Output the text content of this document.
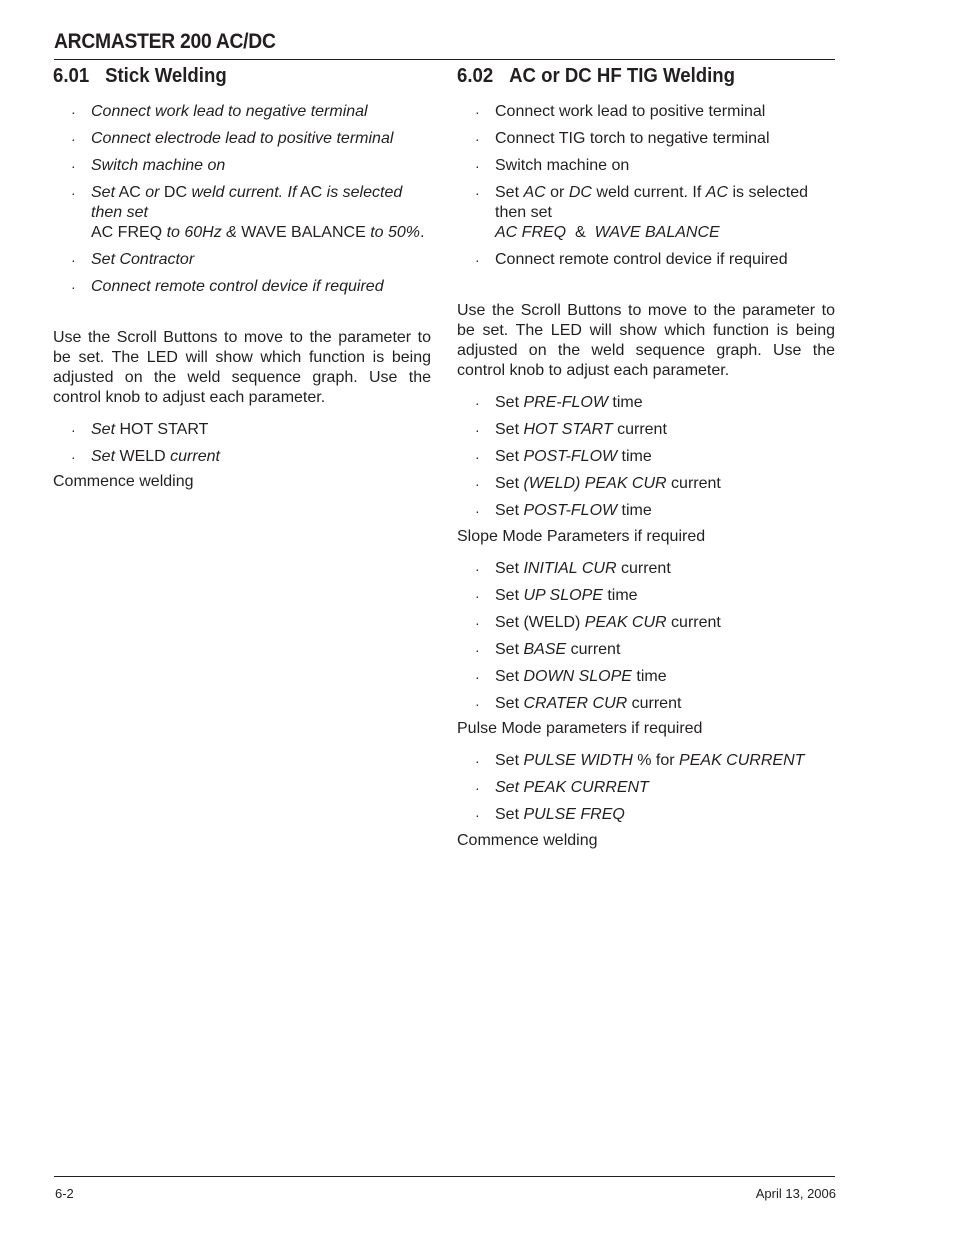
ARCMASTER 200 AC/DC
6.01 Stick Welding
· Connect work lead to negative terminal
· Connect electrode lead to positive terminal
· Switch machine on
· Set AC or DC weld current. If AC is selected then set
AC FREQ to 60Hz & WAVE BALANCE to 50%.
· Set Contractor
· Connect remote control device if required

Use the Scroll Buttons to move to the parameter to be set. The LED will show which function is being adjusted on the weld sequence graph. Use the control knob to adjust each parameter.

· Set HOT START
· Set WELD current

Commence welding

6.02 AC or DC HF TIG Welding
· Connect work lead to positive terminal
· Connect TIG torch to negative terminal
· Switch machine on
· Set AC or DC weld current. If AC is selected then set
AC FREQ  &  WAVE BALANCE
· Connect remote control device if required

Use the Scroll Buttons to move to the parameter to be set. The LED will show which function is being adjusted on the weld sequence graph. Use the control knob to adjust each parameter.

· Set PRE-FLOW time
· Set HOT START current
· Set POST-FLOW time
· Set (WELD) PEAK CUR current
· Set POST-FLOW time

Slope Mode Parameters if required

· Set INITIAL CUR current
· Set UP SLOPE time
· Set (WELD) PEAK CUR current
· Set BASE current
· Set DOWN SLOPE time
· Set CRATER CUR current

Pulse Mode parameters if required

· Set PULSE WIDTH % for PEAK CURRENT
· Set PEAK CURRENT
· Set PULSE FREQ

Commence welding

6-2	April 13, 2006
